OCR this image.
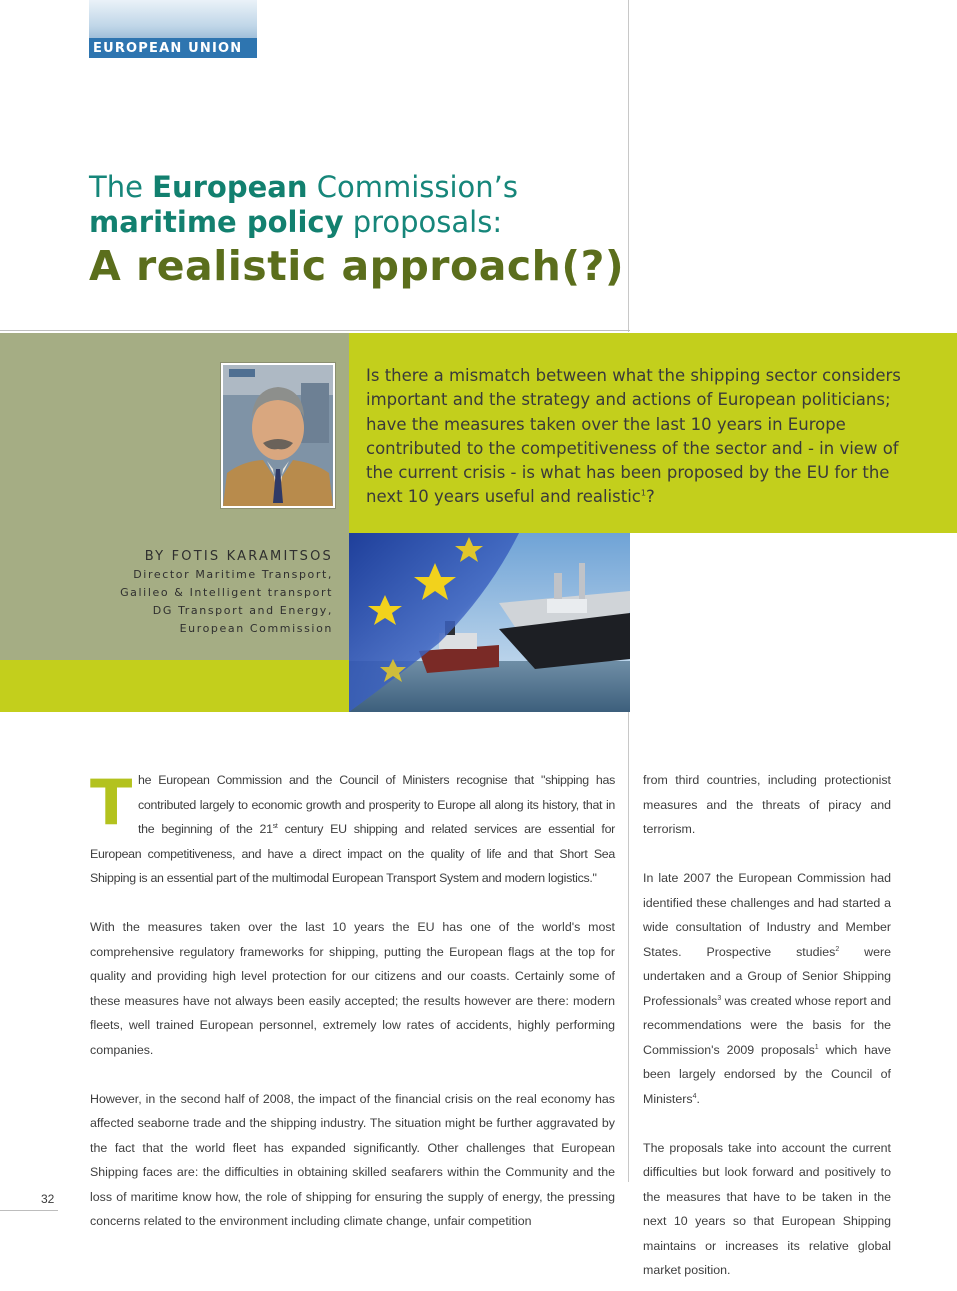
EUROPEAN UNION
The European Commission’s
maritime policy proposals:
A realistic approach(?)
Is there a mismatch between what the shipping sector considers important and the strategy and actions of European politicians; have the measures taken over the last 10 years in Europe contributed to the competitiveness of the sector and - in view of the current crisis - is what has been proposed by the EU for the next 10 years useful and realistic$^1$?
BY FOTIS KARAMITSOS
Director Maritime Transport,
Galileo & Intelligent transport
DG Transport and Energy,
European Commission

The European Commission and the Council of Ministers recognise that "shipping has contributed largely to economic growth and prosperity to Europe all along its history, that in the beginning of the 21st century EU shipping and related services are essential for European competitiveness, and have a direct impact on the quality of life and that Short Sea Shipping is an essential part of the multimodal European Transport System and modern logistics."

With the measures taken over the last 10 years the EU has one of the world's most comprehensive regulatory frameworks for shipping, putting the European flags at the top for quality and providing high level protection for our citizens and our coasts. Certainly some of these measures have not always been easily accepted; the results however are there: modern fleets, well trained European personnel, extremely low rates of accidents, highly performing companies.

However, in the second half of 2008, the impact of the financial crisis on the real economy has affected seaborne trade and the shipping industry. The situation might be further aggravated by the fact that the world fleet has expanded significantly. Other challenges that European Shipping faces are: the difficulties in obtaining skilled seafarers within the Community and the loss of maritime know how, the role of shipping for ensuring the supply of energy, the pressing concerns related to the environment including climate change, unfair competition

from third countries, including protectionist measures and the threats of piracy and terrorism.

In late 2007 the European Commission had identified these challenges and had started a wide consultation of Industry and Member States. Prospective studies$^2$ were undertaken and a Group of Senior Shipping Professionals$^3$ was created whose report and recommendations were the basis for the Commission's 2009 proposals$^1$ which have been largely endorsed by the Council of Ministers$^4$.

The proposals take into account the current difficulties but look forward and positively to the measures that have to be taken in the next 10 years so that European Shipping maintains or increases its relative global market position.

32
